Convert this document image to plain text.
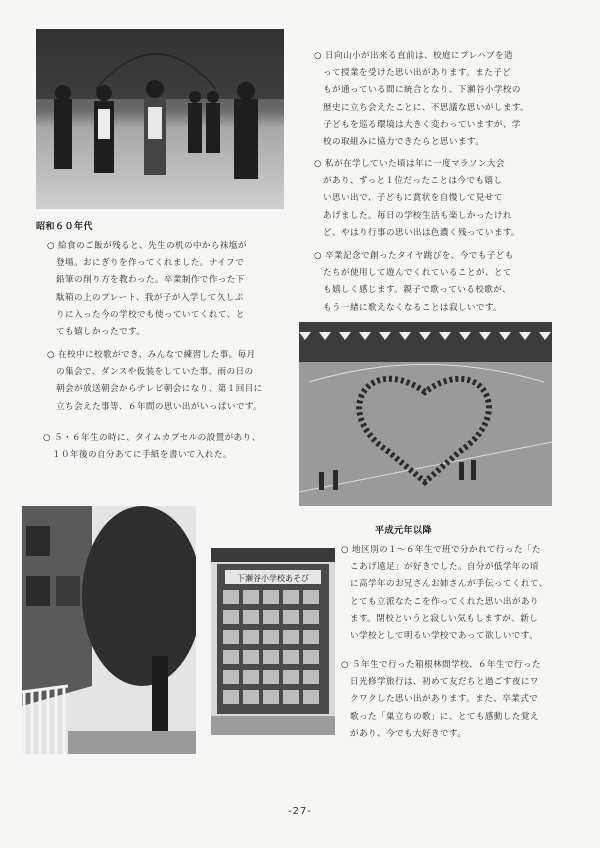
昭和６０年代

○ 給食のご飯が残ると、先生の机の中から袜塩が
　登場。おにぎりを作ってくれました。ナイフで
　鉛筆の削り方を教わった。卒業制作で作った下
　駄箱の上のプレート、我が子が入学して久しぶ
　りに入った今の学校でも使っていてくれて、と
　ても嬉しかったです。

○ 在校中に校歌ができ、みんなで練習した事。毎月
　の集会で、ダンスや仮装をしていた事。雨の日の
　朝会が放送朝会からテレビ朝会になり、第１回目に
　立ち会えた事等、６年間の思い出がいっぱいです。

○ ５・６年生の時に、タイムカプセルの設置があり、
　１０年後の自分あてに手紙を書いて入れた。

○ 日向山小が出来る直前は、校庭にプレハブを造
　って授業を受けた思い出があります。また子ど
　もが通っている間に統合となり、下瀬谷小学校の
　歴史に立ち会えたことに、不思議な思いがします。
　子どもを巡る環境は大きく変わっていますが、学
　校の取組みに協力できたらと思います。

○ 私が在学していた頃は年に一度マラソン大会
　があり、ずっと１位だったことは今でも嬉し
　い思い出で、子どもに賞状を自慢して見せて
　あげました。毎日の学校生活も楽しかったけれ
　ど、やはり行事の思い出は色濃く残っています。

○ 卒業記念で創ったタイヤ跳びを、今でも子ども
　たちが使用して遊んでくれていることが、とて
　も嬉しく感じます。親子で歌っている校歌が、
　もう一緒に歌えなくなることは寂しいです。

平成元年以降

○ 地区別の１～６年生で班で分かれて行った「た
　こあげ遠足」が好きでした。自分が低学年の頃
　に高学年のお兄さんお姉さんが手伝ってくれて、
　とても立派なたこを作ってくれた思い出があり
　ます。閉校というと寂しい気もしますが、新し
　い学校として明るい学校であって欲しいです。

○ ５年生で行った箱根林間学校、６年生で行った
　日光修学旅行は、初めて友だちと過ごす夜にワ
　クワクした思い出があります。また、卒業式で
　歌った「巣立ちの歌」に、とても感動した覚え
　があり、今でも大好きです。

下瀬谷小学校あそび
-27-
